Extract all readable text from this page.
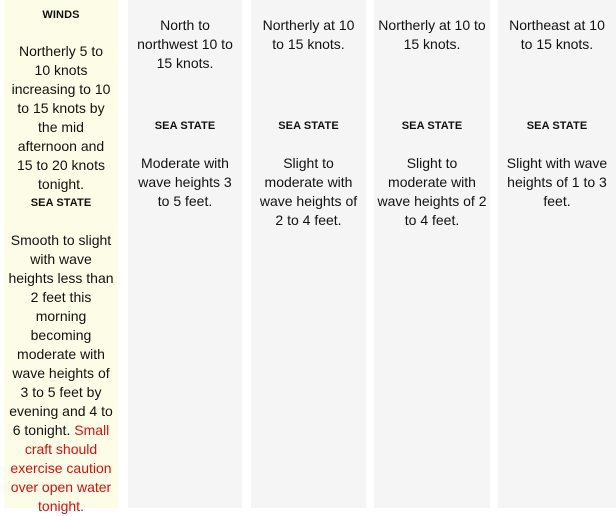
WINDS
Northerly 5 to 10 knots increasing to 10 to 15 knots by the mid afternoon and 15 to 20 knots tonight.
SEA STATE
Smooth to slight with wave heights less than 2 feet this morning becoming moderate with wave heights of 3 to 5 feet by evening and 4 to 6 tonight. Small craft should exercise caution over open water tonight.
North to northwest 10 to 15 knots.
SEA STATE
Moderate with wave heights 3 to 5 feet.
Northerly at 10 to 15 knots.
SEA STATE
Slight to moderate with wave heights of 2 to 4 feet.
Northerly at 10 to 15 knots.
SEA STATE
Slight to moderate with wave heights of 2 to 4 feet.
Northeast at 10 to 15 knots.
SEA STATE
Slight with wave heights of 1 to 3 feet.
